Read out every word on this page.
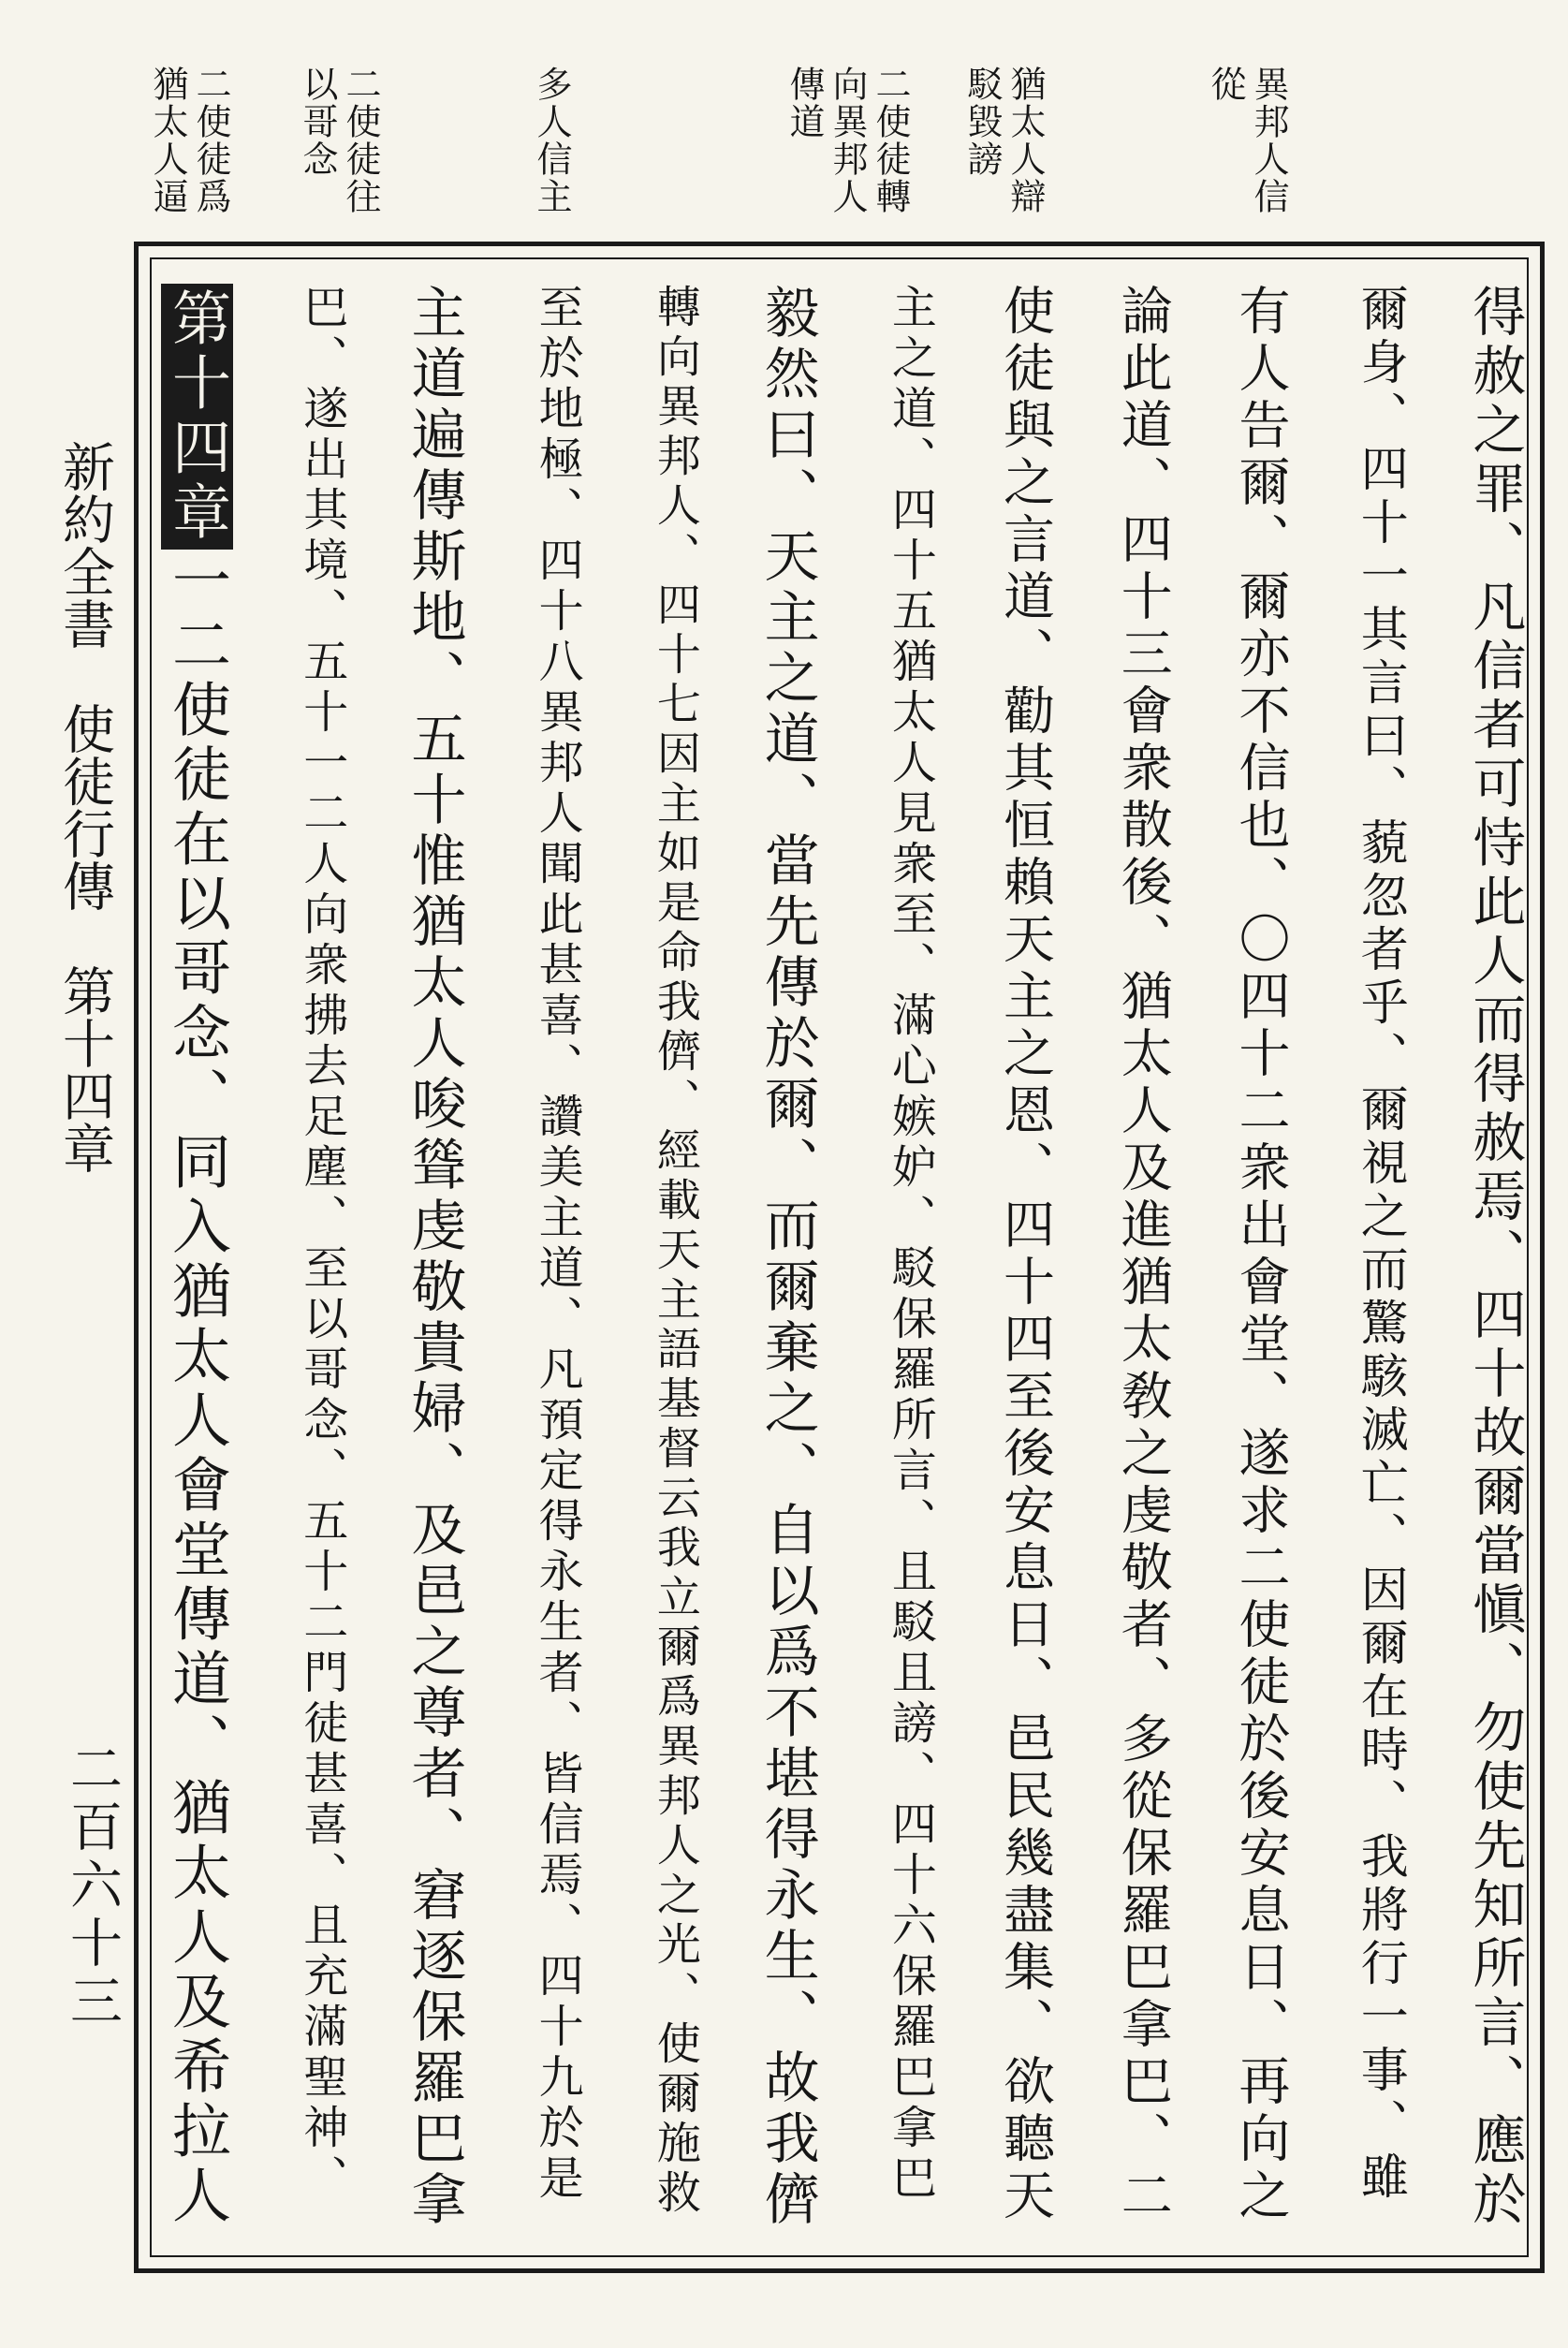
異邦人信
從
猶太人辯
駁毀謗
二使徒轉
向異邦人
傳道
多人信主
二使徒往
以哥念
二使徒爲
猶太人逼
新約全書　使徒行傳　第十四章
二百六十三	得赦之罪、凡信者可恃此人而得赦焉、四十故爾當愼、勿使先知所言、應於
爾身、四十一其言曰、藐忽者乎、爾視之而驚駭滅亡、因爾在時、我將行一事、雖
有人告爾、爾亦不信也、〇四十二衆出會堂、遂求二使徒於後安息日、再向之
論此道、四十三會衆散後、猶太人及進猶太敎之虔敬者、多從保羅巴拿巴、二
使徒與之言道、勸其恒賴天主之恩、四十四至後安息日、邑民幾盡集、欲聽天
主之道、四十五猶太人見衆至、滿心嫉妒、駁保羅所言、且駁且謗、四十六保羅巴拿巴
毅然曰、天主之道、當先傳於爾、而爾棄之、自以爲不堪得永生、故我儕
轉向異邦人、四十七因主如是命我儕、經載天主語基督云我立爾爲異邦人之光、使爾施救
至於地極、四十八異邦人聞此甚喜、讚美主道、凡預定得永生者、皆信焉、四十九於是
主道遍傳斯地、五十惟猶太人唆聳虔敬貴婦、及邑之尊者、窘逐保羅巴拿
巴、遂出其境、五十一二人向衆拂去足塵、至以哥念、五十二門徒甚喜、且充滿聖神、
第十四章一二使徒在以哥念、同入猶太人會堂傳道、猶太人及希拉人
